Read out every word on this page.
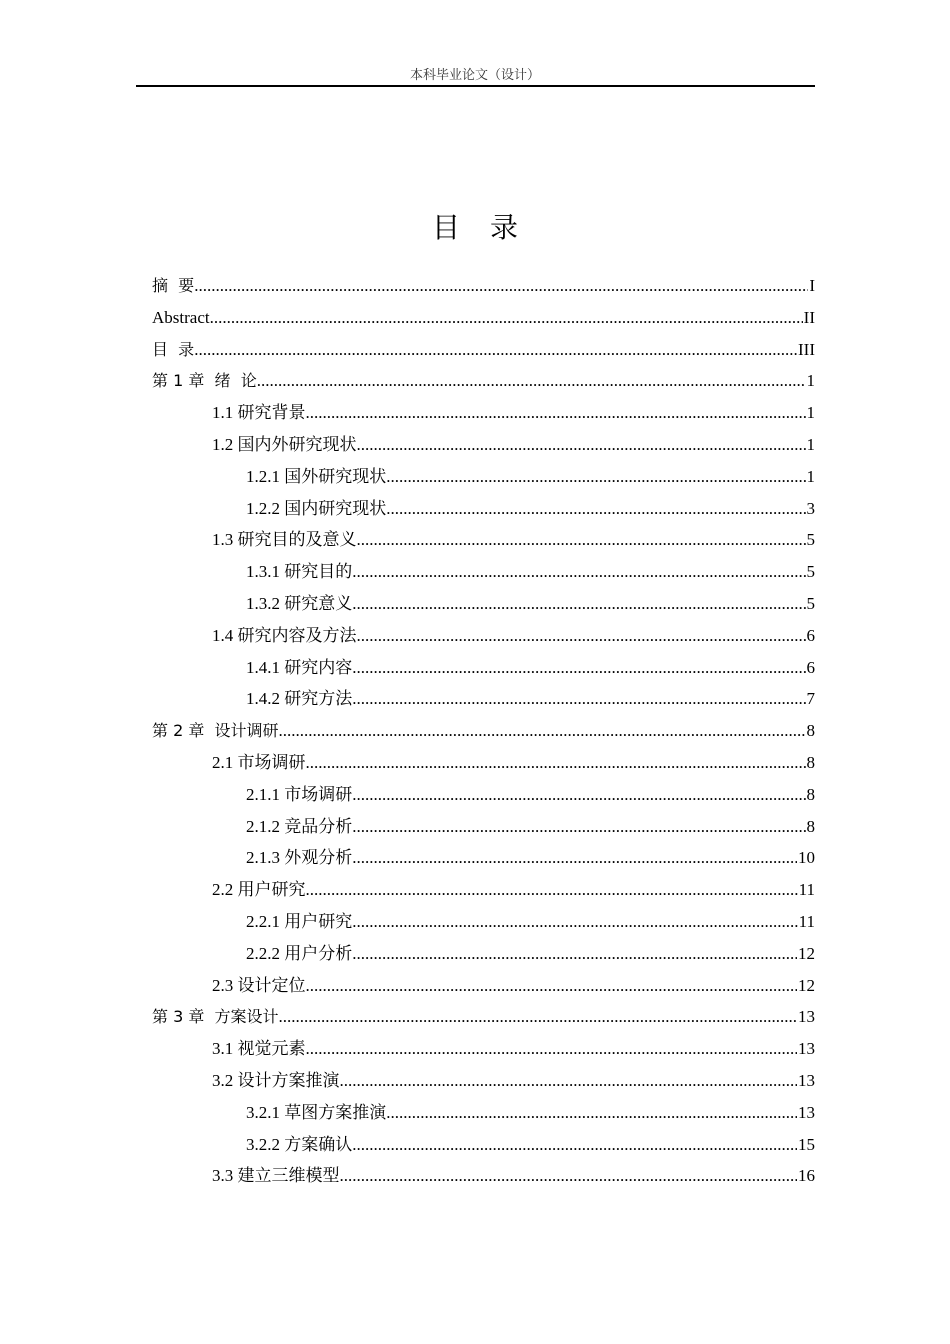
本科毕业论文（设计）
目录
摘  要 .....	I
Abstract .....	II
目  录 .....	III
第 1 章  绪  论 .....	1
1.1 研究背景 .....	1
1.2 国内外研究现状 .....	1
1.2.1 国外研究现状 .....	1
1.2.2 国内研究现状 .....	3
1.3 研究目的及意义 .....	5
1.3.1 研究目的 .....	5
1.3.2 研究意义 .....	5
1.4 研究内容及方法 .....	6
1.4.1 研究内容 .....	6
1.4.2 研究方法 .....	7
第 2 章  设计调研 .....	8
2.1 市场调研 .....	8
2.1.1 市场调研 .....	8
2.1.2 竞品分析 .....	8
2.1.3 外观分析 .....	10
2.2 用户研究 .....	11
2.2.1 用户研究 .....	11
2.2.2 用户分析 .....	12
2.3 设计定位 .....	12
第 3 章  方案设计 .....	13
3.1 视觉元素 .....	13
3.2 设计方案推演 .....	13
3.2.1 草图方案推演 .....	13
3.2.2 方案确认 .....	15
3.3 建立三维模型 .....	16
